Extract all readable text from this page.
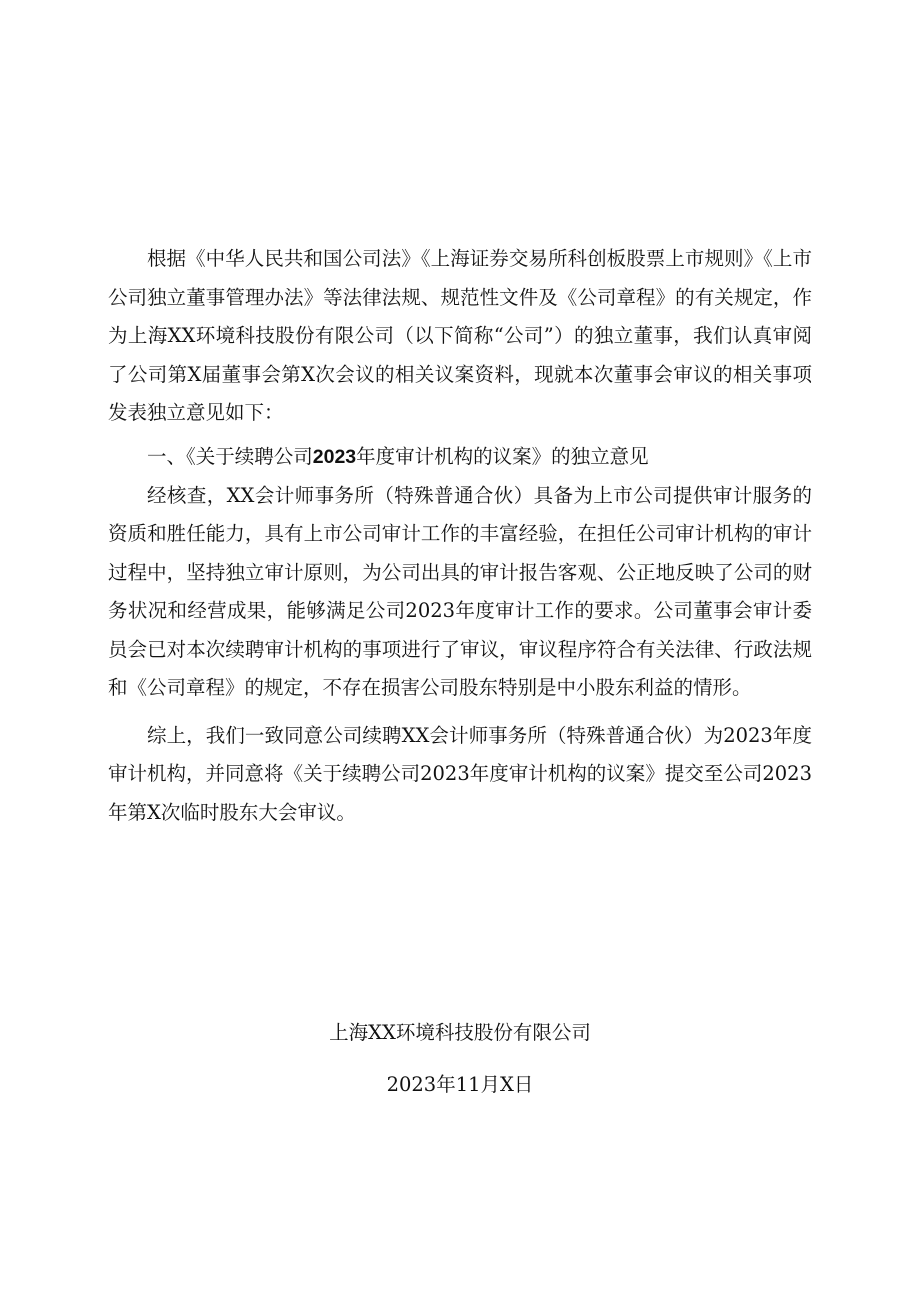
根据《中华人民共和国公司法》《上海证券交易所科创板股票上市规则》《上市公司独立董事管理办法》等法律法规、规范性文件及《公司章程》的有关规定，作为上海XX环境科技股份有限公司（以下简称“公司”）的独立董事，我们认真审阅了公司第X届董事会第X次会议的相关议案资料，现就本次董事会审议的相关事项发表独立意见如下：

一、《关于续聘公司2023年度审计机构的议案》的独立意见

经核查，XX会计师事务所（特殊普通合伙）具备为上市公司提供审计服务的资质和胜任能力，具有上市公司审计工作的丰富经验，在担任公司审计机构的审计过程中，坚持独立审计原则，为公司出具的审计报告客观、公正地反映了公司的财务状况和经营成果，能够满足公司2023年度审计工作的要求。公司董事会审计委员会已对本次续聘审计机构的事项进行了审议，审议程序符合有关法律、行政法规和《公司章程》的规定，不存在损害公司股东特别是中小股东利益的情形。

综上，我们一致同意公司续聘XX会计师事务所（特殊普通合伙）为2023年度审计机构，并同意将《关于续聘公司2023年度审计机构的议案》提交至公司2023年第X次临时股东大会审议。

上海XX环境科技股份有限公司
2023年11月X日
